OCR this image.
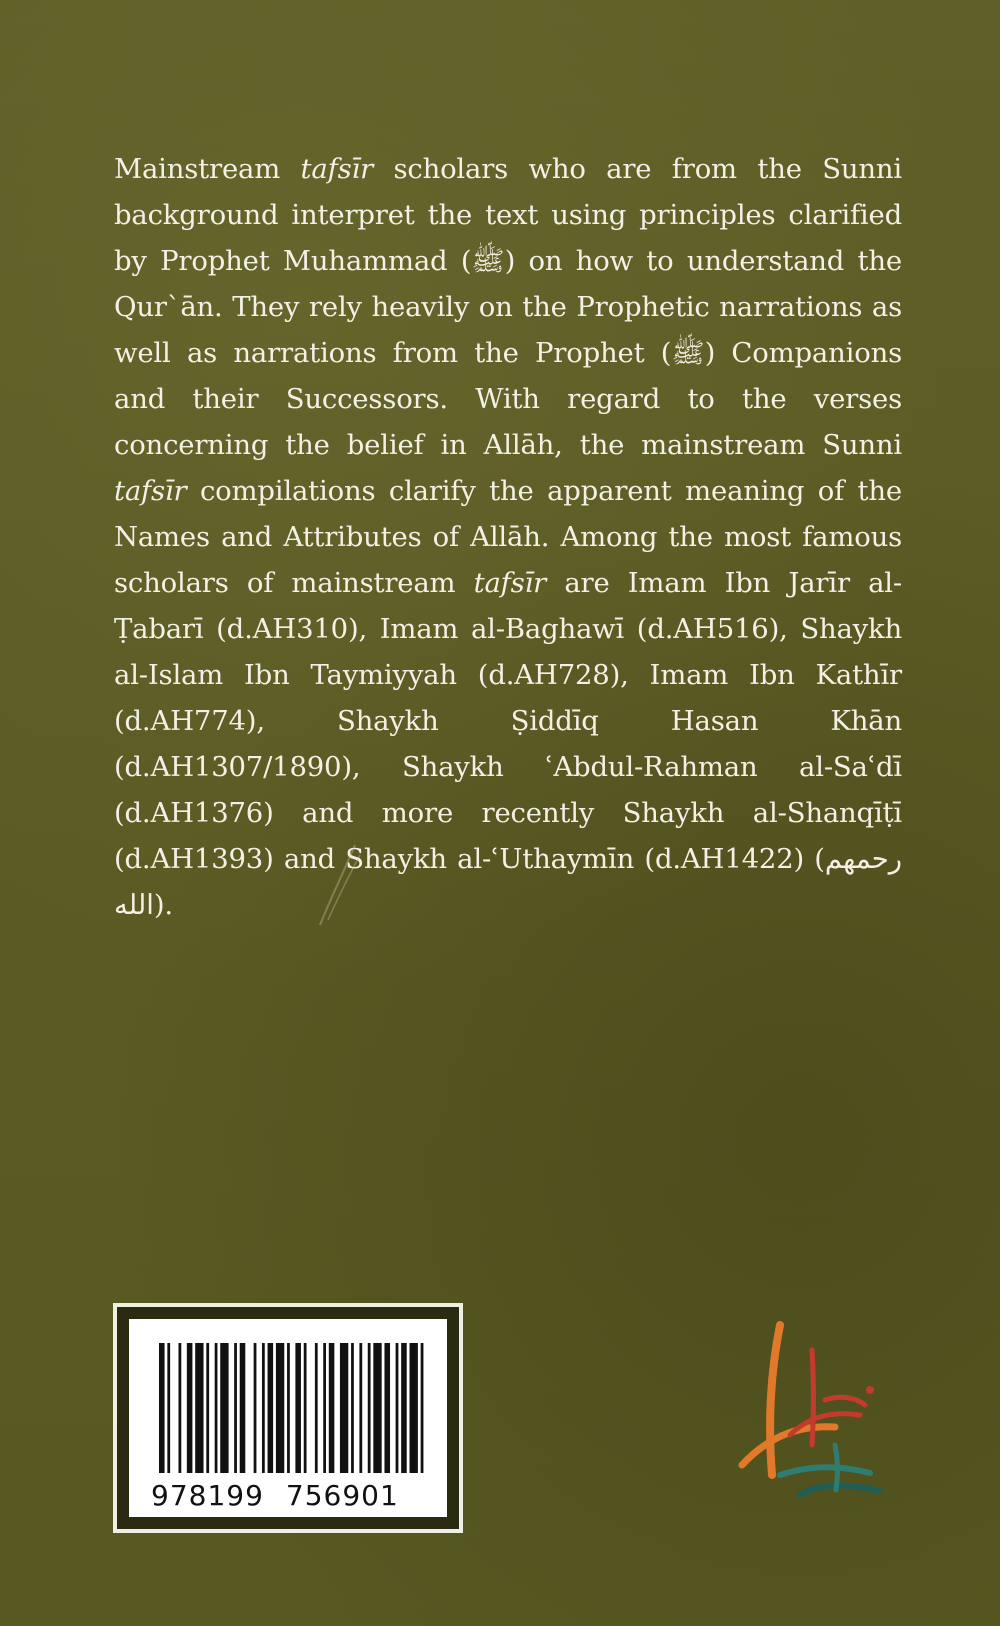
Mainstream tafsīr scholars who are from the Sunni background interpret the text using principles clarified by Prophet Muhammad (ﷺ) on how to understand the Qur`ān. They rely heavily on the Prophetic narrations as well as narrations from the Prophet (ﷺ) Companions and their Successors. With regard to the verses concerning the belief in Allāh, the mainstream Sunni tafsīr compilations clarify the apparent meaning of the Names and Attributes of Allāh. Among the most famous scholars of mainstream tafsīr are Imam Ibn Jarīr al-Ṭabarī (d.AH310), Imam al-Baghawī (d.AH516), Shaykh al-Islam Ibn Taymiyyah (d.AH728), Imam Ibn Kathīr (d.AH774), Shaykh Ṣiddīq Hasan Khān (d.AH1307/1890), Shaykh ʿAbdul-Rahman al-Saʿdī (d.AH1376) and more recently Shaykh al-Shanqīṭī (d.AH1393) and Shaykh al-ʿUthaymīn (d.AH1422) (رحمهم الله).

978199 756901
